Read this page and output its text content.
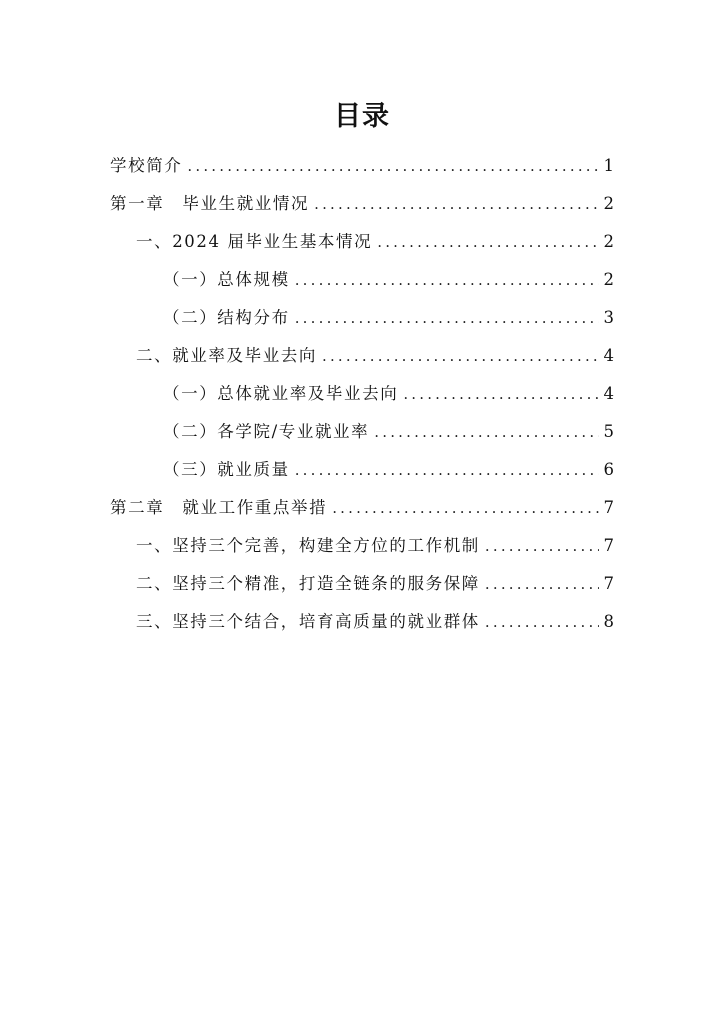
目录
学校简介 .....	1
第一章　毕业生就业情况 .....	2
一、2024 届毕业生基本情况 .....	2
（一）总体规模 .....	2
（二）结构分布 .....	3
二、就业率及毕业去向 .....	4
（一）总体就业率及毕业去向 .....	4
（二）各学院/专业就业率 .....	5
（三）就业质量 .....	6
第二章　就业工作重点举措 .....	7
一、坚持三个完善，构建全方位的工作机制 .....	7
二、坚持三个精准，打造全链条的服务保障 .....	7
三、坚持三个结合，培育高质量的就业群体 .....	8
